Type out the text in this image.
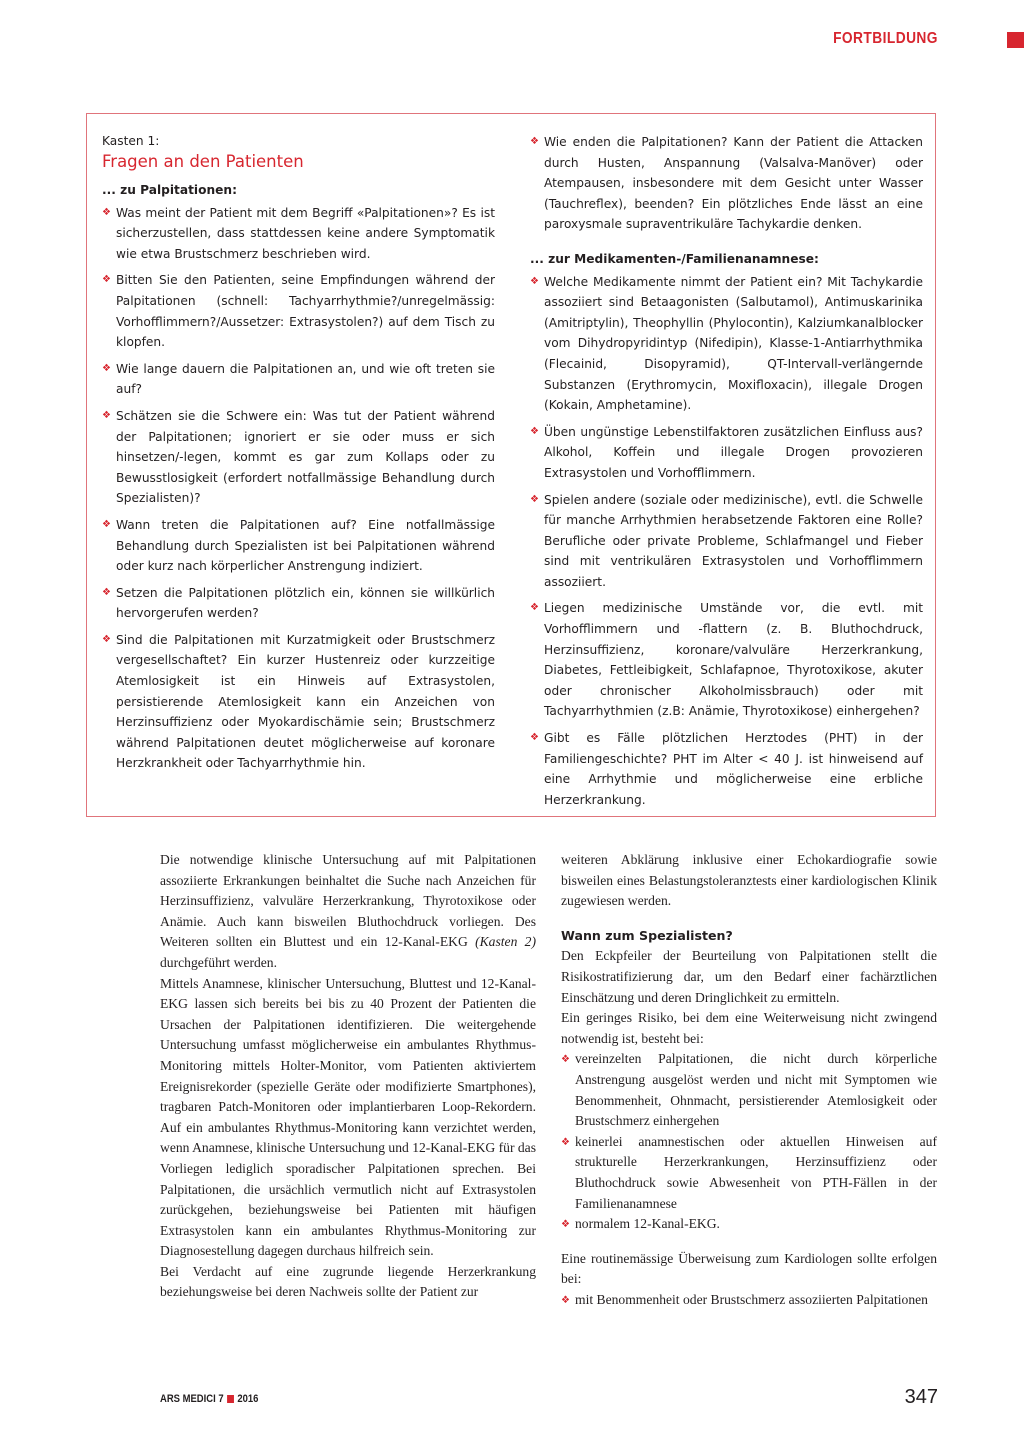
FORTBILDUNG
Kasten 1:
Fragen an den Patienten
... zu Palpitationen:
❖ Was meint der Patient mit dem Begriff «Palpitationen»? Es ist sicherzustellen, dass stattdessen keine andere Symptomatik wie etwa Brustschmerz beschrieben wird.
❖ Bitten Sie den Patienten, seine Empfindungen während der Palpitationen (schnell: Tachyarrhythmie?/unregelmässig: Vorhofflimmern?/Aussetzer: Extrasystolen?) auf dem Tisch zu klopfen.
❖ Wie lange dauern die Palpitationen an, und wie oft treten sie auf?
❖ Schätzen sie die Schwere ein: Was tut der Patient während der Palpitationen; ignoriert er sie oder muss er sich hinsetzen/-legen, kommt es gar zum Kollaps oder zu Bewusstlosigkeit (erfordert notfallmässige Behandlung durch Spezialisten)?
❖ Wann treten die Palpitationen auf? Eine notfallmässige Behandlung durch Spezialisten ist bei Palpitationen während oder kurz nach körperlicher Anstrengung indiziert.
❖ Setzen die Palpitationen plötzlich ein, können sie willkürlich hervorgerufen werden?
❖ Sind die Palpitationen mit Kurzatmigkeit oder Brustschmerz vergesellschaftet? Ein kurzer Hustenreiz oder kurzzeitige Atemlosigkeit ist ein Hinweis auf Extrasystolen, persistierende Atemlosigkeit kann ein Anzeichen von Herzinsuffizienz oder Myokardischämie sein; Brustschmerz während Palpitationen deutet möglicherweise auf koronare Herzkrankheit oder Tachyarrhythmie hin.
❖ Wie enden die Palpitationen? Kann der Patient die Attacken durch Husten, Anspannung (Valsalva-Manöver) oder Atempausen, insbesondere mit dem Gesicht unter Wasser (Tauchreflex), beenden? Ein plötzliches Ende lässt an eine paroxysmale supraventrikuläre Tachykardie denken.
... zur Medikamenten-/Familienanamnese:
❖ Welche Medikamente nimmt der Patient ein? Mit Tachykardie assoziiert sind Betaagonisten (Salbutamol), Antimuskarinika (Amitriptylin), Theophyllin (Phylocontin), Kalziumkanalblocker vom Dihydropyridintyp (Nifedipin), Klasse-1-Antiarrhythmika (Flecainid, Disopyramid), QT-Intervall-verlängernde Substanzen (Erythromycin, Moxifloxacin), illegale Drogen (Kokain, Amphetamine).
❖ Üben ungünstige Lebenstilfaktoren zusätzlichen Einfluss aus? Alkohol, Koffein und illegale Drogen provozieren Extrasystolen und Vorhofflimmern.
❖ Spielen andere (soziale oder medizinische), evtl. die Schwelle für manche Arrhythmien herabsetzende Faktoren eine Rolle? Berufliche oder private Probleme, Schlafmangel und Fieber sind mit ventrikulären Extrasystolen und Vorhofflimmern assoziiert.
❖ Liegen medizinische Umstände vor, die evtl. mit Vorhofflimmern und -flattern (z. B. Bluthochdruck, Herzinsuffizienz, koronare/valvuläre Herzerkrankung, Diabetes, Fettleibigkeit, Schlafapnoe, Thyrotoxikose, akuter oder chronischer Alkoholmissbrauch) oder mit Tachyarrhythmien (z.B: Anämie, Thyrotoxikose) einhergehen?
❖ Gibt es Fälle plötzlichen Herztodes (PHT) in der Familiengeschichte? PHT im Alter < 40 J. ist hinweisend auf eine Arrhythmie und möglicherweise eine erbliche Herzerkrankung.

Die notwendige klinische Untersuchung auf mit Palpitationen assoziierte Erkrankungen beinhaltet die Suche nach Anzeichen für Herzinsuffizienz, valvuläre Herzerkrankung, Thyrotoxikose oder Anämie. Auch kann bisweilen Bluthochdruck vorliegen. Des Weiteren sollten ein Bluttest und ein 12-Kanal-EKG (Kasten 2) durchgeführt werden.

Mittels Anamnese, klinischer Untersuchung, Bluttest und 12-Kanal-EKG lassen sich bereits bei bis zu 40 Prozent der Patienten die Ursachen der Palpitationen identifizieren. Die weitergehende Untersuchung umfasst möglicherweise ein ambulantes Rhythmus-Monitoring mittels Holter-Monitor, vom Patienten aktiviertem Ereignisrekorder (spezielle Geräte oder modifizierte Smartphones), tragbaren Patch-Monitoren oder implantierbaren Loop-Rekordern. Auf ein ambulantes Rhythmus-Monitoring kann verzichtet werden, wenn Anamnese, klinische Untersuchung und 12-Kanal-EKG für das Vorliegen lediglich sporadischer Palpitationen sprechen. Bei Palpitationen, die ursächlich vermutlich nicht auf Extrasystolen zurückgehen, beziehungsweise bei Patienten mit häufigen Extrasystolen kann ein ambulantes Rhythmus-Monitoring zur Diagnosestellung dagegen durchaus hilfreich sein.

Bei Verdacht auf eine zugrunde liegende Herzerkrankung beziehungsweise bei deren Nachweis sollte der Patient zur

weiteren Abklärung inklusive einer Echokardiografie sowie bisweilen eines Belastungstoleranztests einer kardiologischen Klinik zugewiesen werden.

Wann zum Spezialisten?

Den Eckpfeiler der Beurteilung von Palpitationen stellt die Risikostratifizierung dar, um den Bedarf einer fachärztlichen Einschätzung und deren Dringlichkeit zu ermitteln.

Ein geringes Risiko, bei dem eine Weiterweisung nicht zwingend notwendig ist, besteht bei:

❖ vereinzelten Palpitationen, die nicht durch körperliche Anstrengung ausgelöst werden und nicht mit Symptomen wie Benommenheit, Ohnmacht, persistierender Atemlosigkeit oder Brustschmerz einhergehen

❖ keinerlei anamnestischen oder aktuellen Hinweisen auf strukturelle Herzerkrankungen, Herzinsuffizienz oder Bluthochdruck sowie Abwesenheit von PTH-Fällen in der Familienanamnese

❖ normalem 12-Kanal-EKG.

Eine routinemässige Überweisung zum Kardiologen sollte erfolgen bei:

❖ mit Benommenheit oder Brustschmerz assoziierten Palpitationen

ARS MEDICI 7 2016	347
